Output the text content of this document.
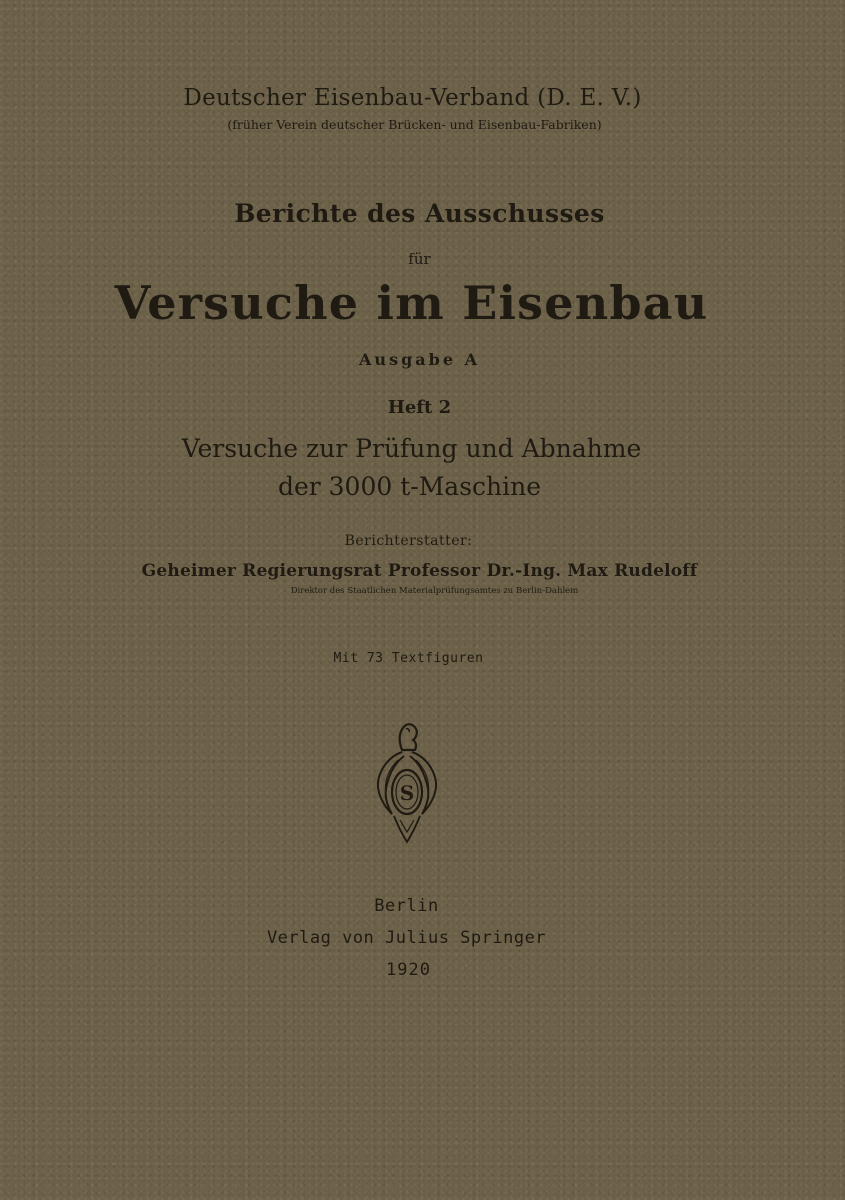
Deutscher Eisenbau-Verband (D. E. V.)
(früher Verein deutscher Brücken- und Eisenbau-Fabriken)
Berichte des Ausschusses
für
Versuche im Eisenbau
Ausgabe A
Heft 2
Versuche zur Prüfung und Abnahme
der 3000 t-Maschine
Berichterstatter:
Geheimer Regierungsrat Professor Dr.-Ing. Max Rudeloff
Direktor des Staatlichen Materialprüfungsamtes zu Berlin-Dahlem
Mit 73 Textfiguren
S
Berlin
Verlag von Julius Springer
1920
